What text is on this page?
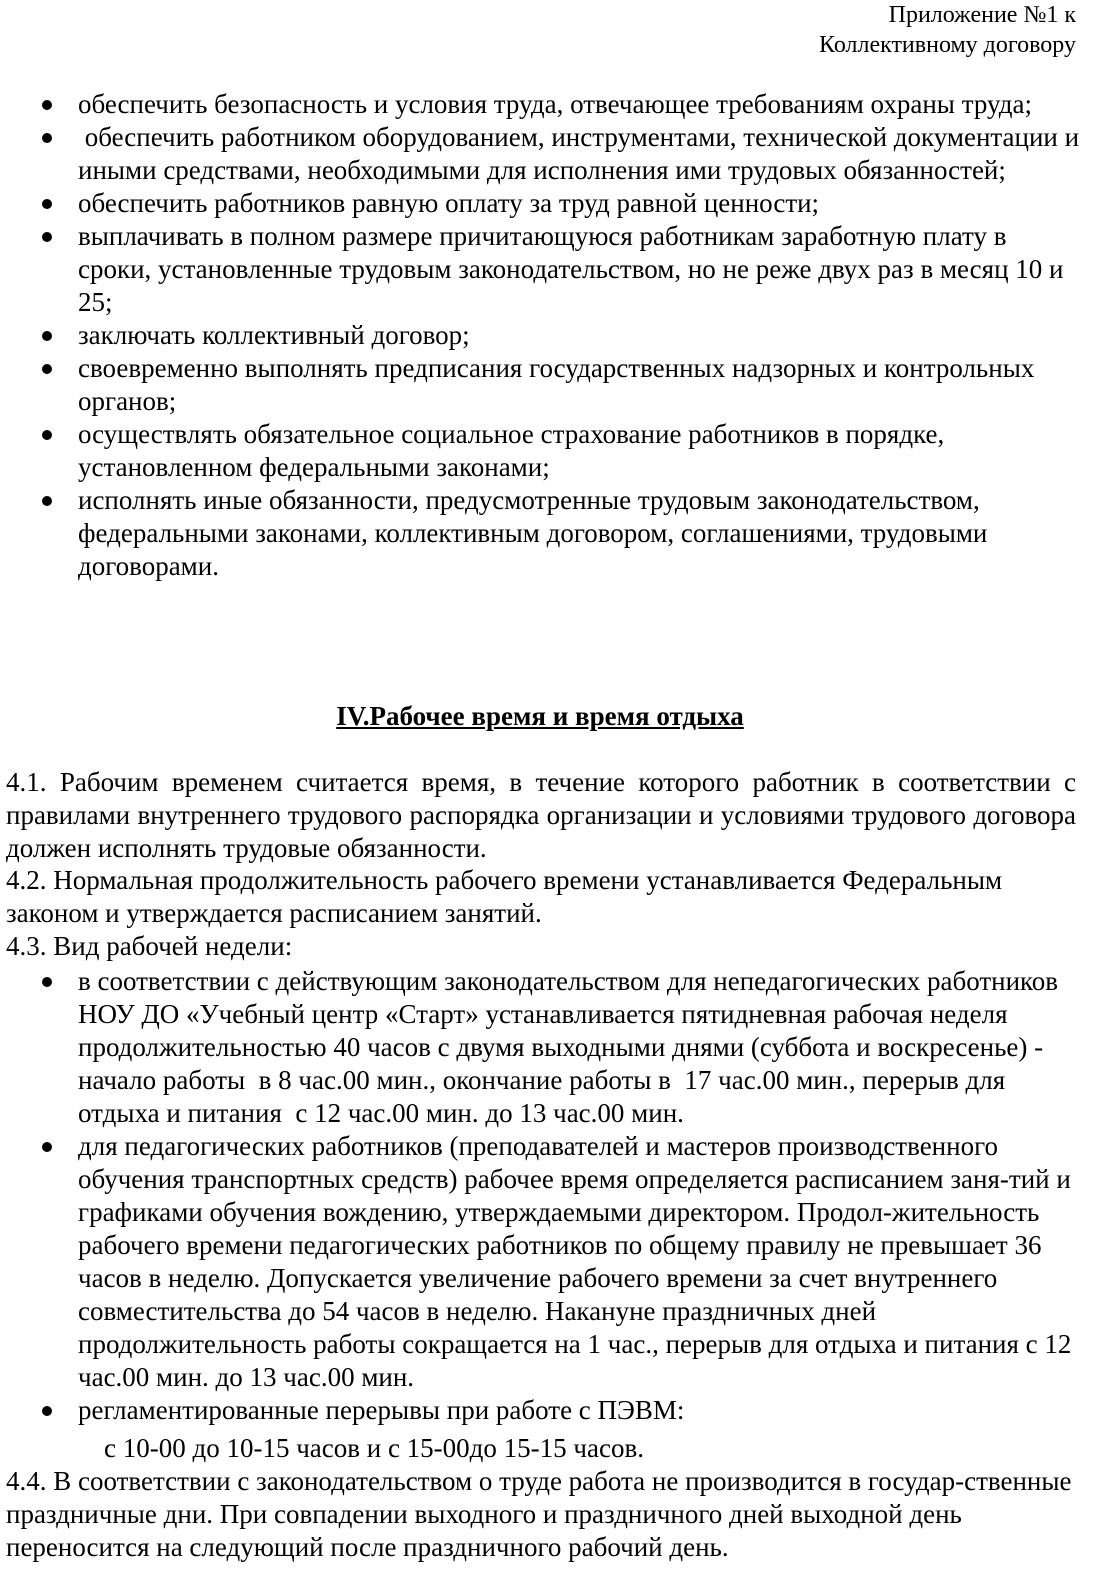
Приложение №1 к
Коллективному договору
обеспечить безопасность и условия труда, отвечающее требованиям охраны труда;
обеспечить работником оборудованием, инструментами, технической документации и иными средствами, необходимыми для исполнения ими трудовых обязанностей;
обеспечить работников равную оплату за труд равной ценности;
выплачивать в полном размере причитающуюся работникам заработную плату в сроки, установленные трудовым законодательством, но не реже двух раз в месяц 10 и  25;
заключать коллективный договор;
своевременно выполнять предписания государственных надзорных и контрольных органов;
осуществлять обязательное социальное страхование работников в порядке, установленном федеральными законами;
исполнять иные обязанности, предусмотренные трудовым законодательством, федеральными законами, коллективным договором, соглашениями, трудовыми договорами.
IV.Рабочее время и время отдыха

4.1. Рабочим временем считается время, в течение которого работник в соответствии с правилами внутреннего трудового распорядка организации и условиями трудового договора должен исполнять трудовые обязанности.

4.2. Нормальная продолжительность рабочего времени устанавливается Федеральным законом и утверждается расписанием занятий.

4.3. Вид рабочей недели:

в соответствии с действующим законодательством для непедагогических работников НОУ ДО «Учебный центр «Старт» устанавливается пятидневная рабочая неделя продолжительностью 40 часов с двумя выходными днями (суббота и воскресенье) - начало работы  в 8 час.00 мин., окончание работы в  17 час.00 мин., перерыв для отдыха и питания  с 12 час.00 мин. до 13 час.00 мин.
для педагогических работников (преподавателей и мастеров производственного обучения транспортных средств) рабочее время определяется расписанием заня-тий и графиками обучения вождению, утверждаемыми директором. Продол-жительность рабочего времени педагогических работников по общему правилу не превышает 36 часов в неделю. Допускается увеличение рабочего времени за счет внутреннего совместительства до 54 часов в неделю. Накануне праздничных дней продолжительность работы сокращается на 1 час., перерыв для отдыха и питания с 12 час.00 мин. до 13 час.00 мин.
регламентированные перерывы при работе с ПЭВМ:
с 10-00 до 10-15 часов и с 15-00до 15-15 часов.

4.4. В соответствии с законодательством о труде работа не производится в государ-ственные праздничные дни. При совпадении выходного и праздничного дней выходной день переносится на следующий после праздничного рабочий день.
